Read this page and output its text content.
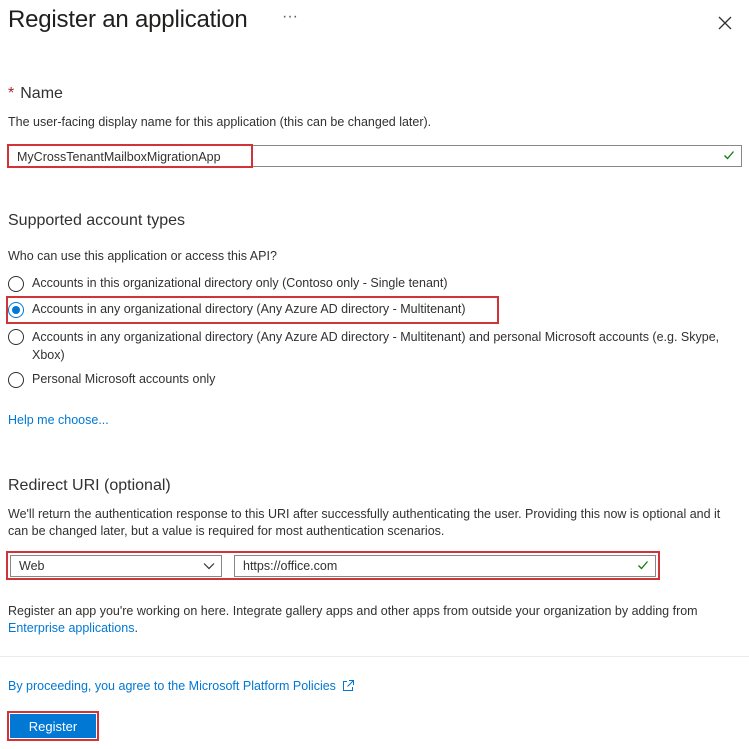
Register an application ···
* Name
The user-facing display name for this application (this can be changed later).
MyCrossTenantMailboxMigrationApp
Supported account types
Who can use this application or access this API?
Accounts in this organizational directory only (Contoso only - Single tenant)
Accounts in any organizational directory (Any Azure AD directory - Multitenant)
Accounts in any organizational directory (Any Azure AD directory - Multitenant) and personal Microsoft accounts (e.g. Skype, Xbox)
Personal Microsoft accounts only
Help me choose...
Redirect URI (optional)
We'll return the authentication response to this URI after successfully authenticating the user. Providing this now is optional and it can be changed later, but a value is required for most authentication scenarios.
Web	https://office.com
Register an app you're working on here. Integrate gallery apps and other apps from outside your organization by adding from Enterprise applications.
By proceeding, you agree to the Microsoft Platform Policies
Register
